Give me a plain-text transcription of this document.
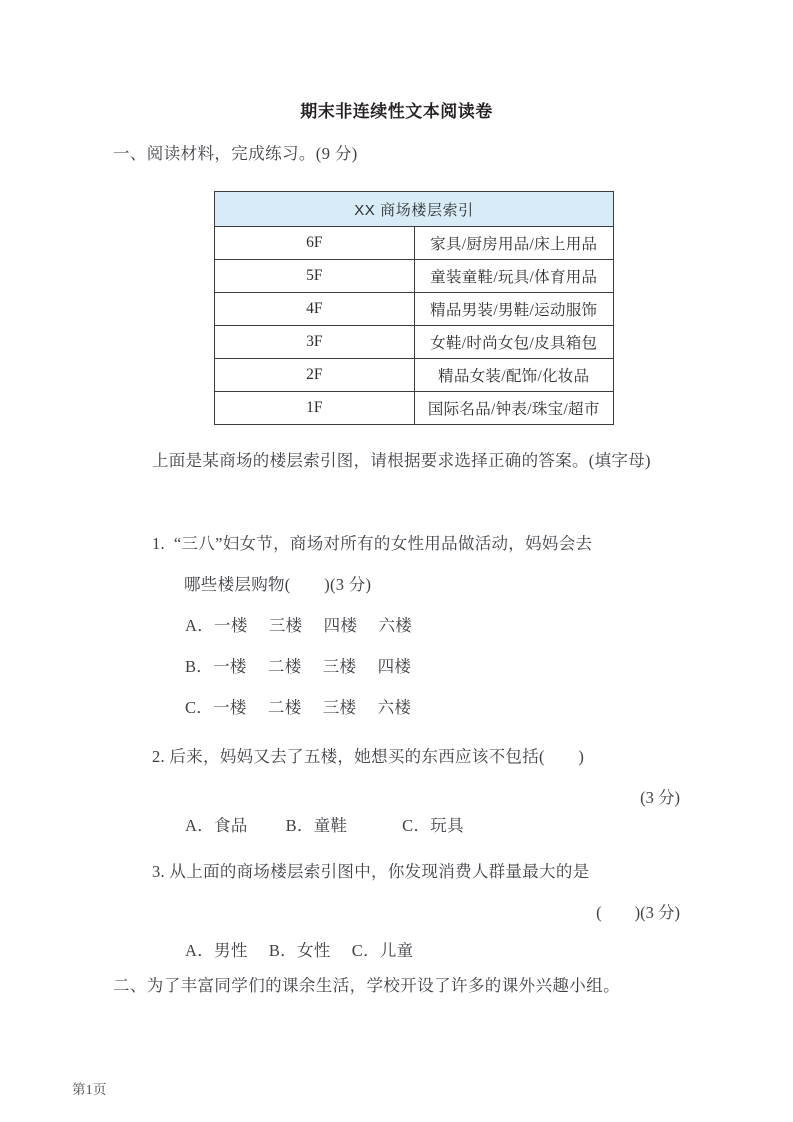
期末非连续性文本阅读卷
一、阅读材料，完成练习。(9 分)
XX 商场楼层索引	
6F	家具/厨房用品/床上用品
5F	童装童鞋/玩具/体育用品
4F	精品男装/男鞋/运动服饰
3F	女鞋/时尚女包/皮具箱包
2F	精品女装/配饰/化妆品
1F	国际名品/钟表/珠宝/超市
上面是某商场的楼层索引图，请根据要求选择正确的答案。(填字母)
1. “三八”妇女节，商场对所有的女性用品做活动，妈妈会去
哪些楼层购物(　　)(3 分)
A．一楼　 三楼　 四楼　 六楼
B．一楼　 二楼　 三楼　 四楼
C．一楼　 二楼　 三楼　 六楼
2. 后来，妈妈又去了五楼，她想买的东西应该不包括(　　)
(3 分)
A．食品　　 B．童鞋　　　 C．玩具
3. 从上面的商场楼层索引图中，你发现消费人群量最大的是
(　　)(3 分)
A．男性　 B．女性　 C．儿童
二、为了丰富同学们的课余生活，学校开设了许多的课外兴趣小组。
第1页
